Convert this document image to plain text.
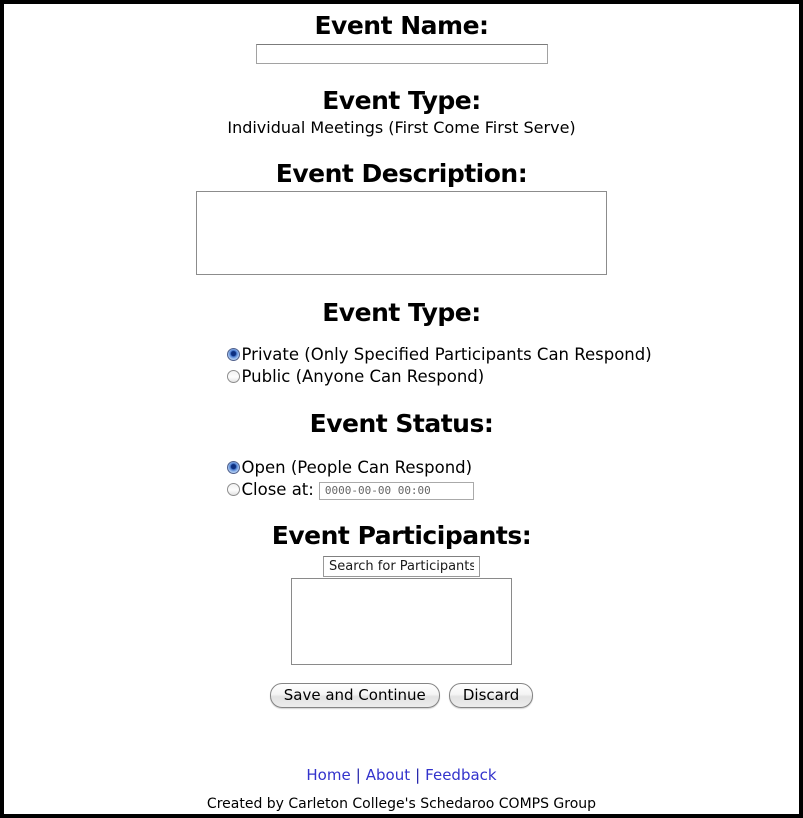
Event Name:
Event Type:
Individual Meetings (First Come First Serve)
Event Description:
Event Type:
Private (Only Specified Participants Can Respond)
Public (Anyone Can Respond)
Event Status:
Open (People Can Respond)
Close at:0000-00-00 00:00
Event Participants:
Search for Participants
Save and Continue Discard
Home | About | Feedback
Created by Carleton College's Schedaroo COMPS Group
